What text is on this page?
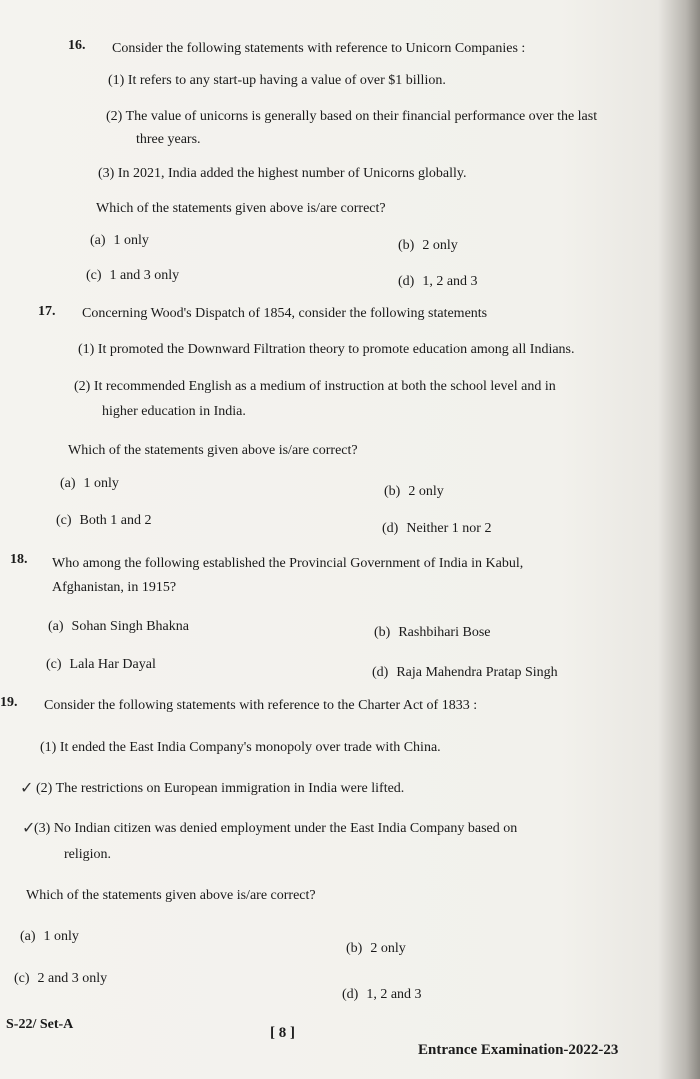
16. Consider the following statements with reference to Unicorn Companies :
(1) It refers to any start-up having a value of over $1 billion.
(2) The value of unicorns is generally based on their financial performance over the last
three years.
(3) In 2021, India added the highest number of Unicorns globally.
Which of the statements given above is/are correct?
(a) 1 only	(b) 2 only
(c) 1 and 3 only	(d) 1, 2 and 3
17. Concerning Wood's Dispatch of 1854, consider the following statements
(1) It promoted the Downward Filtration theory to promote education among all Indians.
(2) It recommended English as a medium of instruction at both the school level and in
higher education in India.
Which of the statements given above is/are correct?
(a) 1 only
(b) 2 only
(c) Both 1 and 2
(d) Neither 1 nor 2
18. Who among the following established the Provincial Government of India in Kabul,
Afghanistan, in 1915?
(a) Sohan Singh Bhakna	(b) Rashbihari Bose
(c) Lala Har Dayal
(d) Raja Mahendra Pratap Singh
19. Consider the following statements with reference to the Charter Act of 1833 :
(1) It ended the East India Company's monopoly over trade with China.
✓ (2) The restrictions on European immigration in India were lifted.
✓
(3) No Indian citizen was denied employment under the East India Company based on
religion.
Which of the statements given above is/are correct?
(a) 1 only
(b) 2 only
(c) 2 and 3 only
(d) 1, 2 and 3
S-22/ Set-A
[ 8 ]
Entrance Examination-2022-23
